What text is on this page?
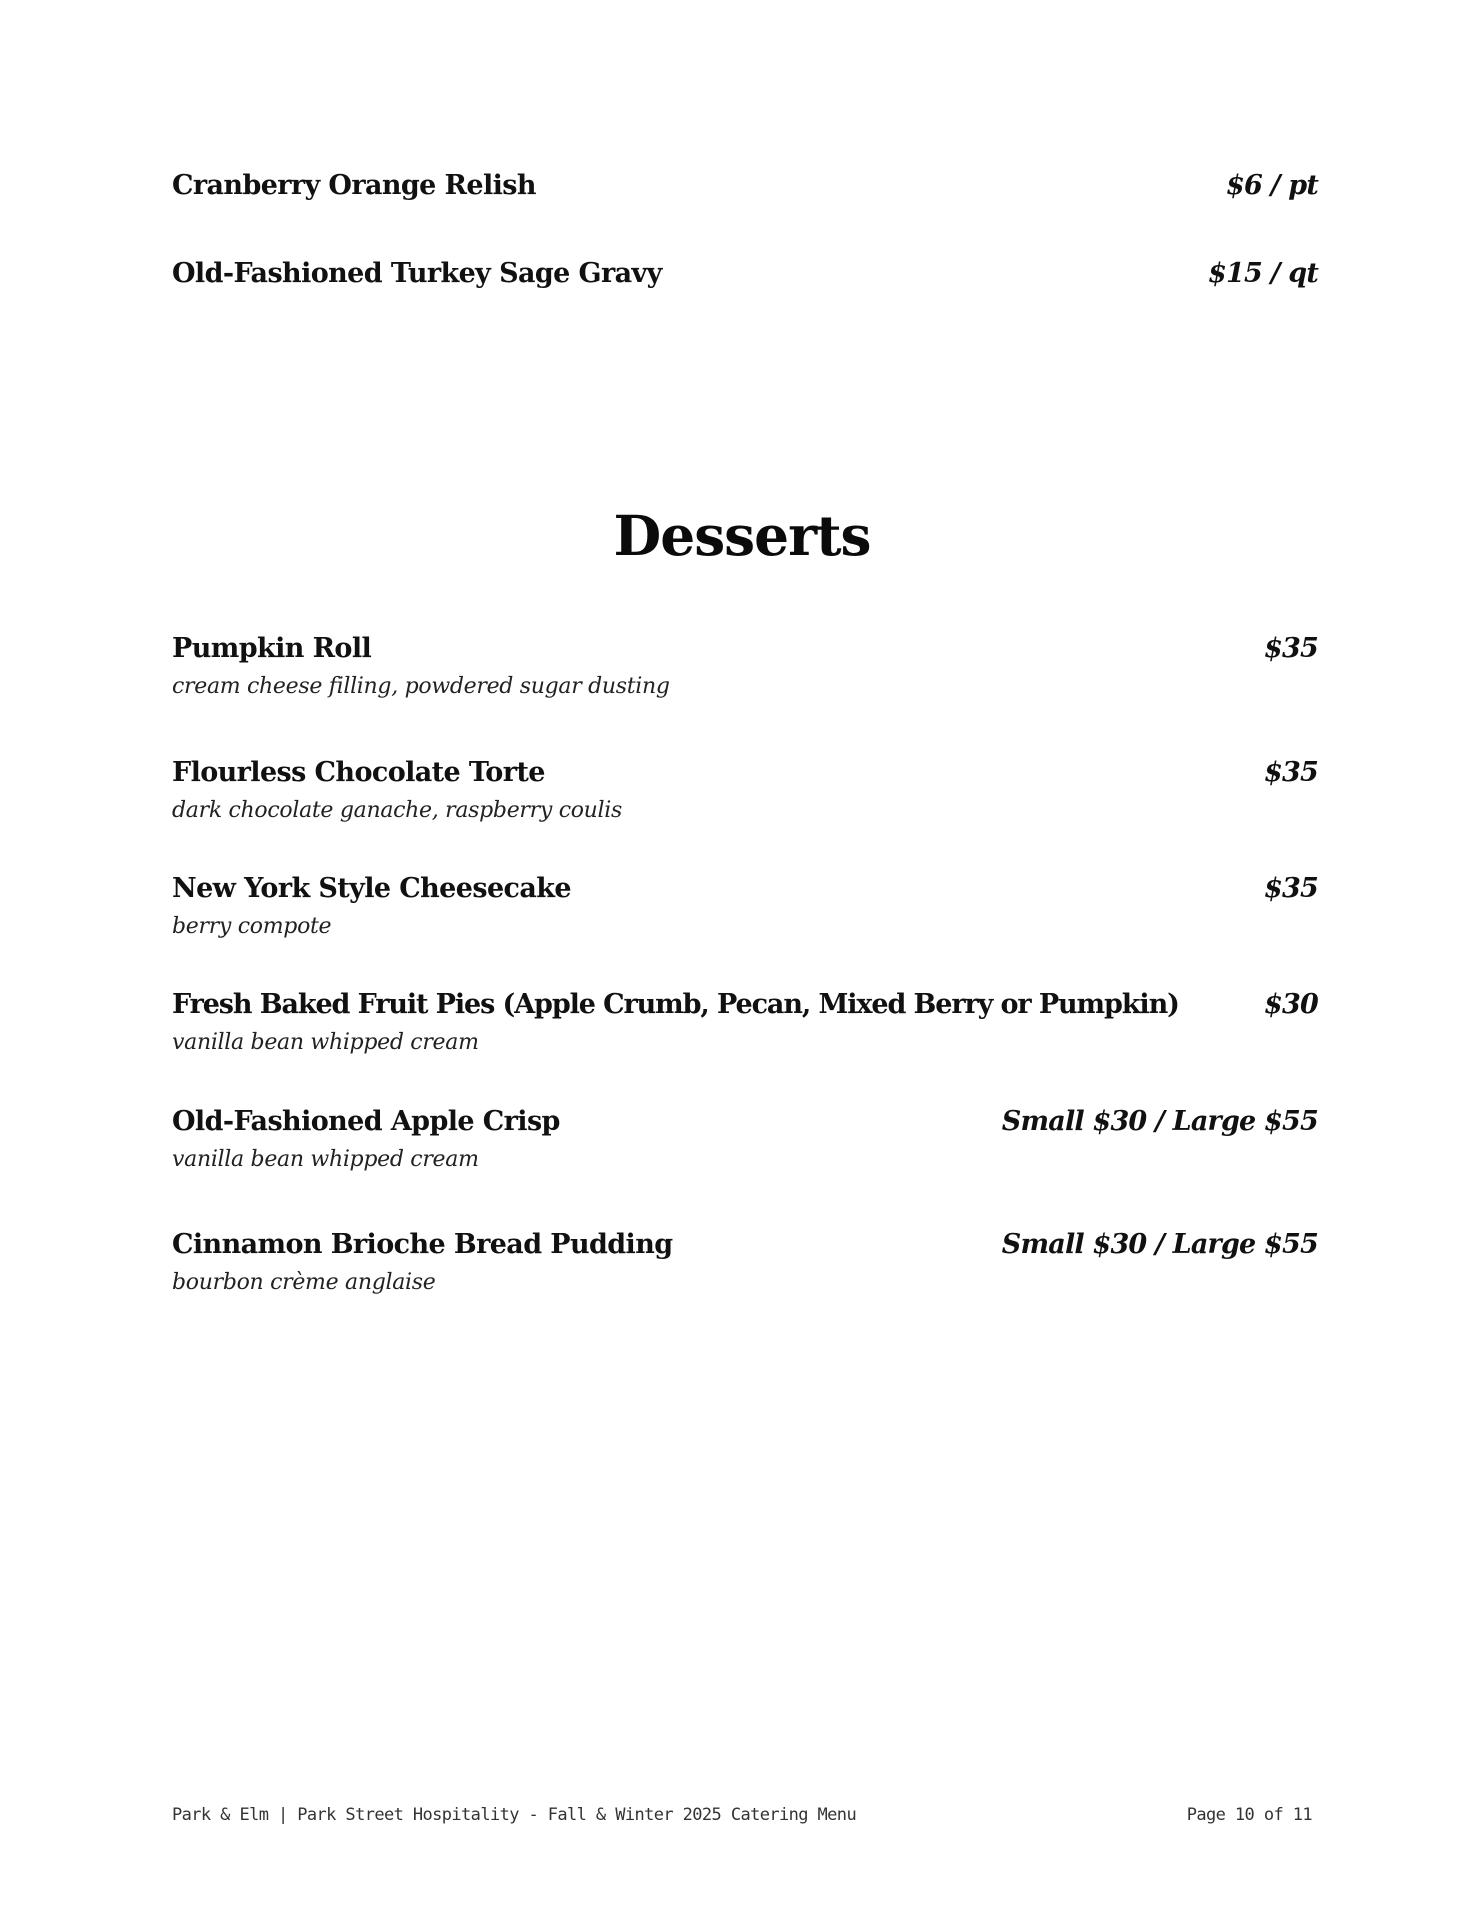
Cranberry Orange Relish	$6 / pt
Old-Fashioned Turkey Sage Gravy	$15 / qt
Desserts
Pumpkin Roll	$35
cream cheese filling, powdered sugar dusting
Flourless Chocolate Torte	$35
dark chocolate ganache, raspberry coulis
New York Style Cheesecake	$35
berry compote
Fresh Baked Fruit Pies (Apple Crumb, Pecan, Mixed Berry or Pumpkin)	$30
vanilla bean whipped cream
Old-Fashioned Apple Crisp	Small $30 / Large $55
vanilla bean whipped cream
Cinnamon Brioche Bread Pudding	Small $30 / Large $55
bourbon crème anglaise
Park & Elm | Park Street Hospitality - Fall & Winter 2025 Catering Menu	Page 10 of 11
